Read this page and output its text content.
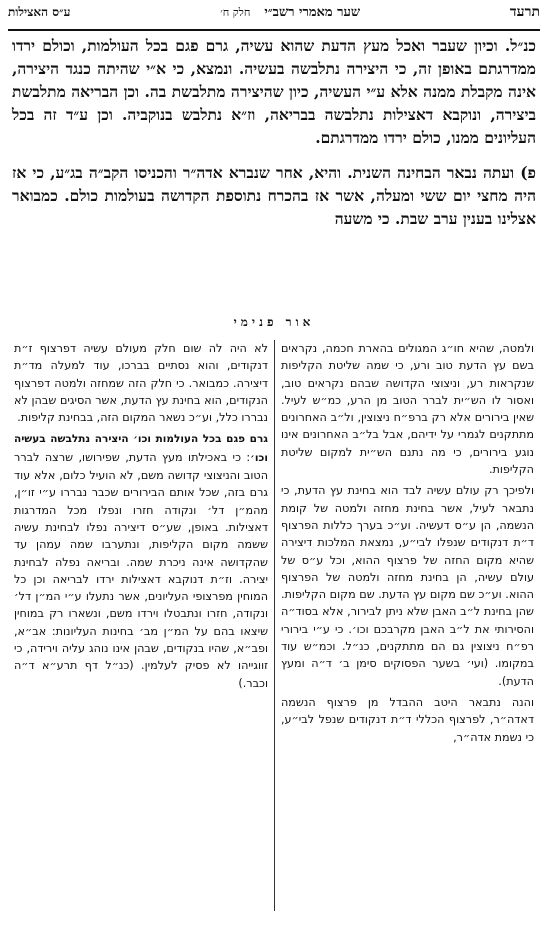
תרעד
שער מאמרי רשב״י
חלק ח׳
ע״ס האצילות

כנ״ל. וכיון שעבר ואכל מעץ הדעת שהוא עשיה, גרם פגם בכל העולמות, וכולם ירדו ממדרגתם באופן זה, כי היצירה נתלבשה בעשיה. ונמצא, כי א״י שהיתה כנגד היצירה, אינה מקבלת ממנה אלא ע״י העשיה, כיון שהיצירה מתלבשת בה. וכן הבריאה מתלבשת ביצירה, ונוקבא דאצילות נתלבשה בבריאה, וז״א נתלבש בנוקביה. וכן ע״ד זה בכל העליונים ממנו, כולם ירדו ממדרגתם.

פ) ועתה נבאר הבחינה השנית. והיא, אחר שנברא אדה״ר והכניסו הקב״ה בג״ע, כי אז היה מחצי יום ששי ומעלה, אשר אז בהכרח נתוספת הקדושה בעולמות כולם. כמבואר אצלינו בענין ערב שבת. כי משעה

אור פנימי

ולמטה, שהיא חו״ג המגולים בהארת חכמה, נקראים בשם עץ הדעת טוב ורע, כי שמה שליטת הקליפות שנקראות רע, וניצוצי הקדושה שבהם נקראים טוב, ואסור לו הש״ית לברר הטוב מן הרע, כמ״ש לעיל. שאין בירורים אלא רק ברפ״ח ניצוצין, ול״ב האחרונים מתתקנים לגמרי על ידיהם, אבל בל״ב האחרונים אינו נוגע בירורים, כי מה נתנם הש״ית למקום שליטת הקליפות.

ולפיכך רק עולם עשיה לבד הוא בחינת עץ הדעת, כי נתבאר לעיל, אשר בחינת מחזה ולמטה של קומת הנשמה, הן ע״ס דעשיה. וע״כ בערך כללות הפרצוף ד״ת דנקודים שנפלו לבי״ע, נמצאת המלכות דיצירה שהיא מקום החזה של פרצוף ההוא, וכל ע״ס של עולם עשיה, הן בחינת מחזה ולמטה של הפרצוף ההוא. וע״כ שם מקום עץ הדעת. שם מקום הקליפות. שהן בחינת ל״ב האבן שלא ניתן לבירור, אלא בסוד״ה והסירותי את ל״ב האבן מקרבכם וכו׳. כי ע״י בירורי רפ״ח ניצוצין גם הם מתתקנים, כנ״ל. וכמ״ש עוד במקומו. (ועי׳ בשער הפסוקים סימן ב׳ ד״ה ומעץ הדעת).

והנה נתבאר היטב ההבדל מן פרצוף הנשמה דאדה״ר, לפרצוף הכללי ד״ת דנקודים שנפל לבי״ע, כי נשמת אדה״ר,

לא היה לה שום חלק מעולם עשיה דפרצוף ז״ת דנקודים, והוא נסתיים בברכו, עוד למעלה מד״ת דיצירה. כמבואר. כי חלק הזה שמחזה ולמטה דפרצוף הנקודים, הוא בחינת עץ הדעת, אשר הסיגים שבהן לא נבררו כלל, וע״כ נשאר המקום הזה, בבחינת קליפות.

גרם פגם בכל העולמות וכו׳ היצירה נתלבשה בעשיה וכו׳: כי באכילתו מעץ הדעת, שפירושו, שרצה לברר הטוב והניצוצי קדושה משם, לא הועיל כלום, אלא עוד גרם בזה, שכל אותם הבירורים שכבר נבררו ע״י זו״ן, מהמ״ן דל׳ ונקודה חזרו ונפלו מכל המדרגות דאצילות. באופן, שע״ס דיצירה נפלו לבחינת עשיה ששמה מקום הקליפות, ונתערבו שמה עמהן עד שהקדושה אינה ניכרת שמה. ובריאה נפלה לבחינת יצירה. וז״ת דנוקבא דאצילות ירדו לבריאה וכן כל המוחין מפרצופי העליונים, אשר נתעלו ע״י המ״ן דל׳ ונקודה, חזרו ונתבטלו וירדו משם, ונשארו רק במוחין שיצאו בהם על המ״ן מב׳ בחינות העליונות: אב״א, ופב״א, שהיו בנקודים, שבהן אינו נוהג עליה וירידה, כי זווגייהו לא פסיק לעלמין. (כנ״ל דף תרע״א ד״ה וכבר.)
